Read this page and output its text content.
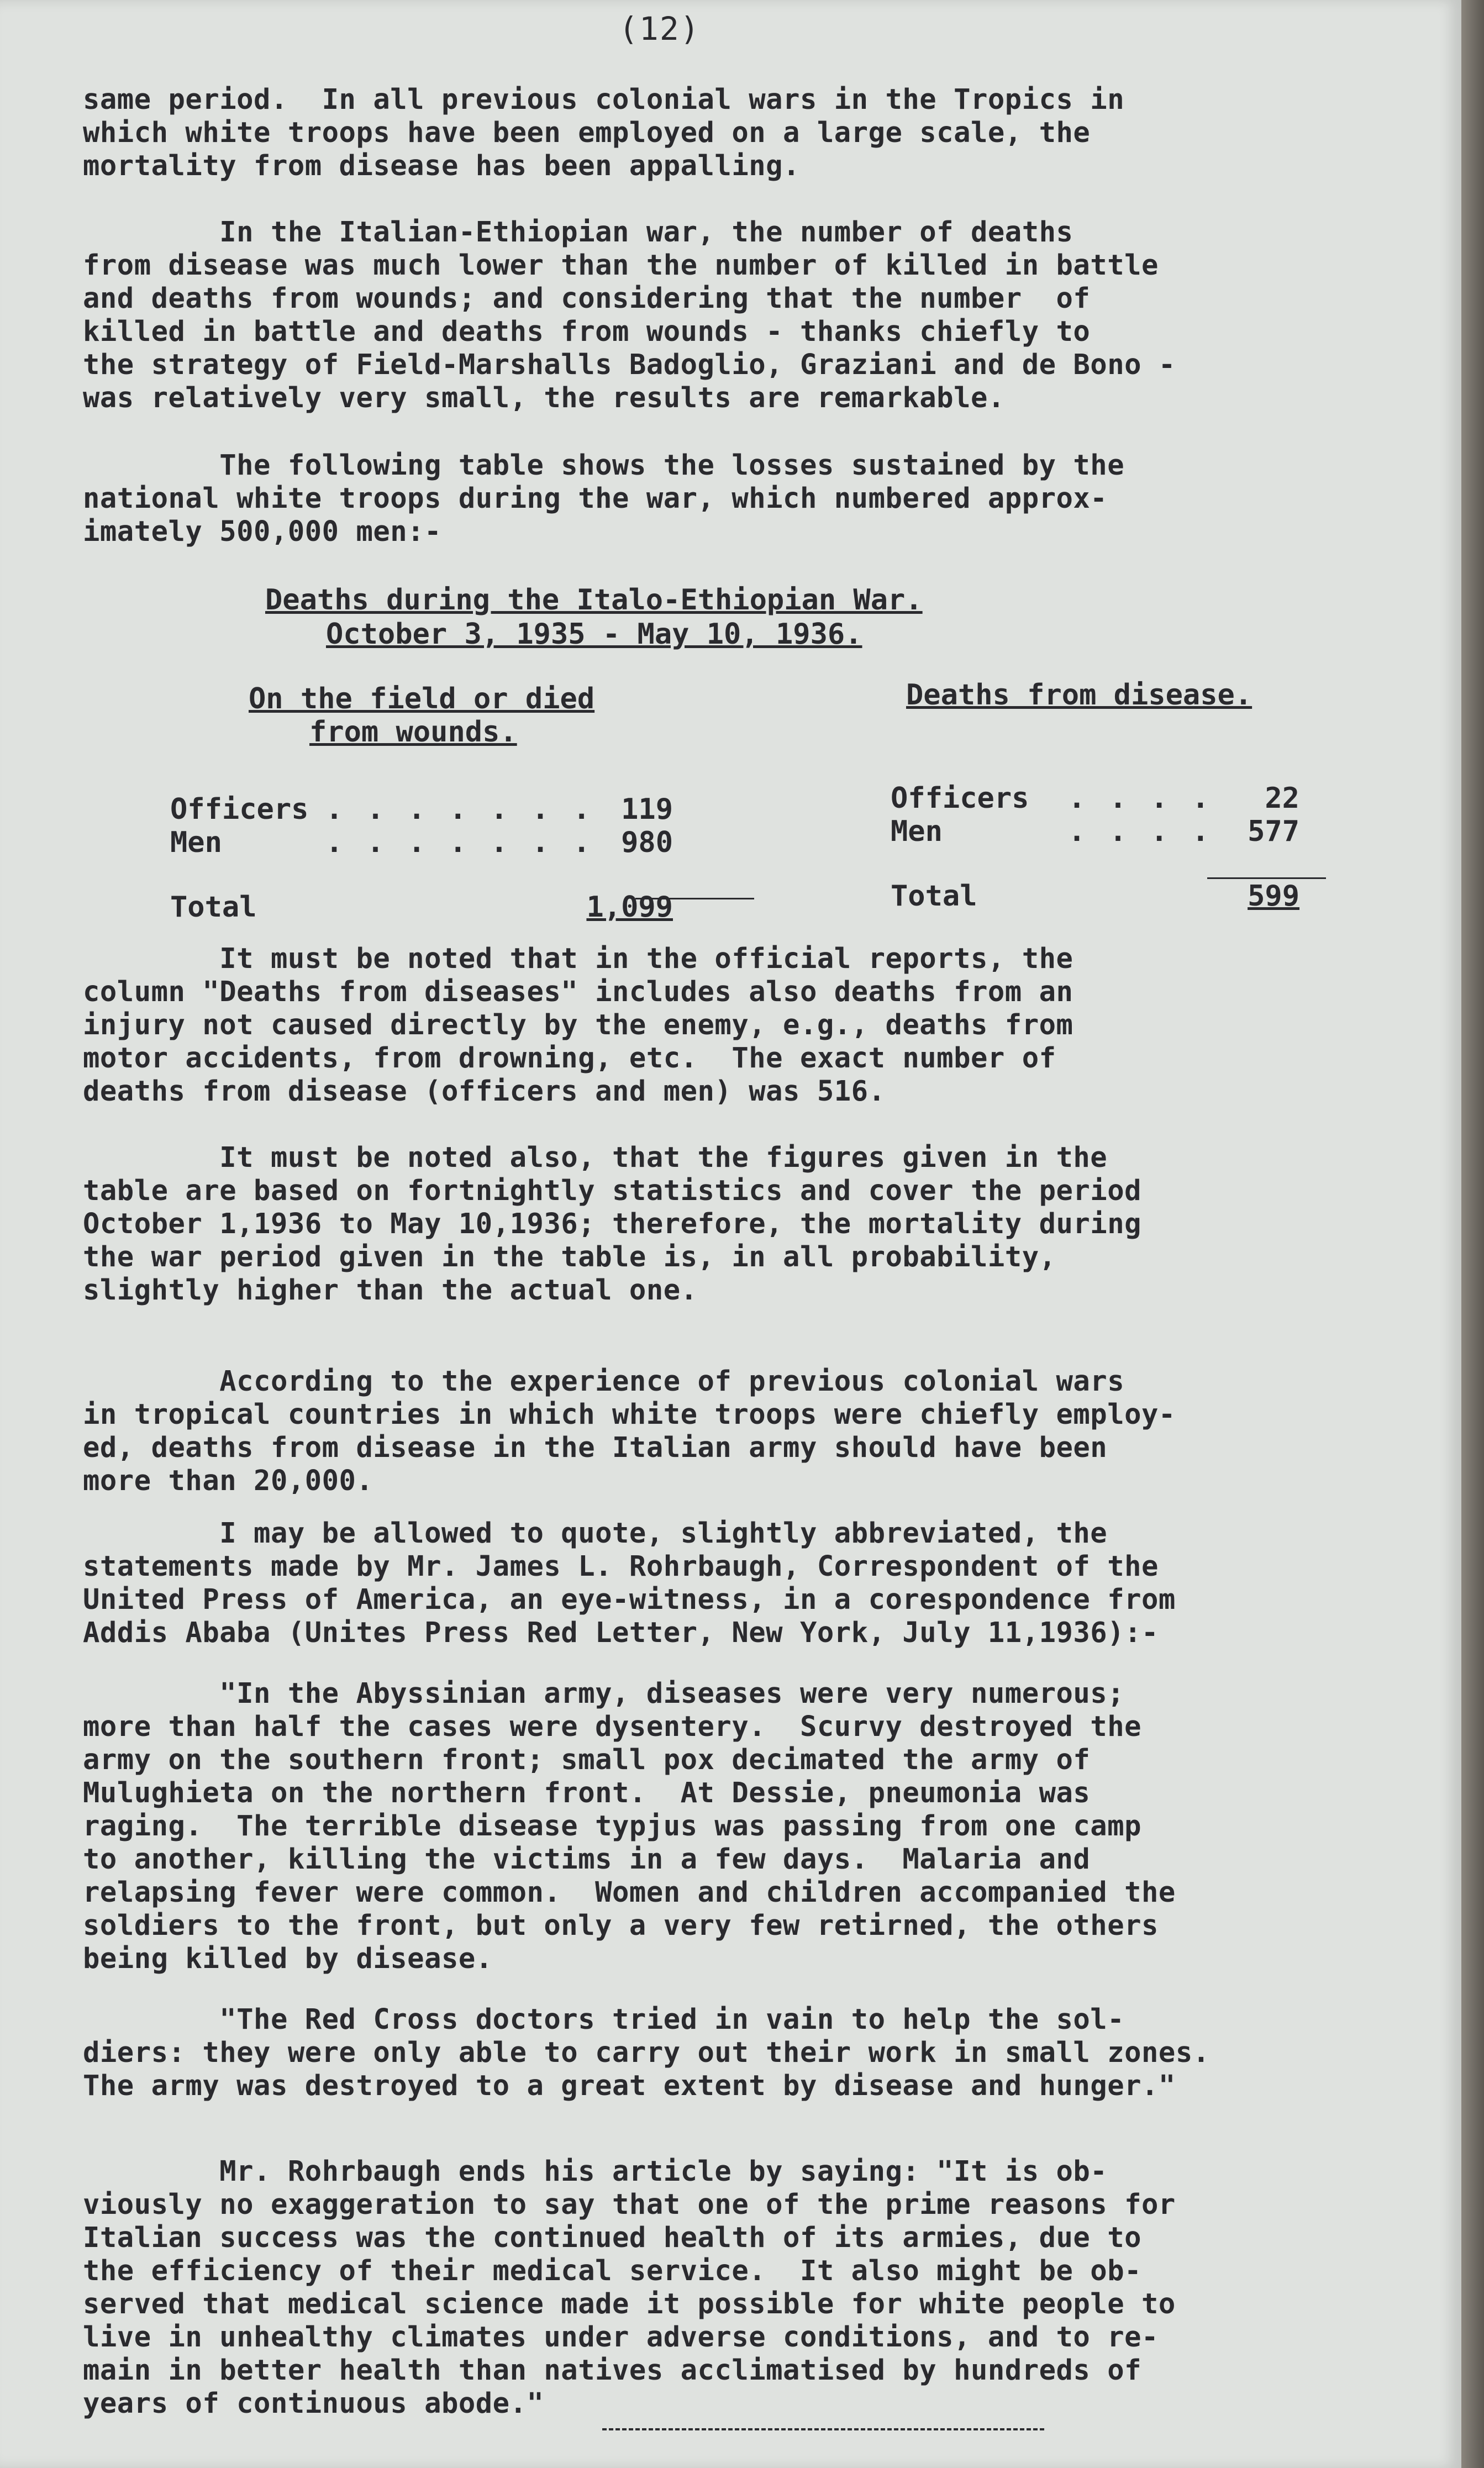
(12)
same period.  In all previous colonial wars in the Tropics in
which white troops have been employed on a large scale, the
mortality from disease has been appalling.
In the Italian-Ethiopian war, the number of deaths
from disease was much lower than the number of killed in battle
and deaths from wounds; and considering that the number  of
killed in battle and deaths from wounds - thanks chiefly to
the strategy of Field-Marshalls Badoglio, Graziani and de Bono -
was relatively very small, the results are remarkable.
The following table shows the losses sustained by the
national white troops during the war, which numbered approx-
imately 500,000 men:-
Deaths during the Italo-Ethiopian War.
October 3, 1935 - May 10, 1936.
On the field or died
from wounds.
Deaths from disease.
Officers . . . . . . . 119
Men	. . . . . . . 980
Total	1,099
Officers . . . .	22
Men	. . . .	577
Total	599
It must be noted that in the official reports, the
column "Deaths from diseases" includes also deaths from an
injury not caused directly by the enemy, e.g., deaths from
motor accidents, from drowning, etc.  The exact number of
deaths from disease (officers and men) was 516.
It must be noted also, that the figures given in the
table are based on fortnightly statistics and cover the period
October 1,1936 to May 10,1936; therefore, the mortality during
the war period given in the table is, in all probability,
slightly higher than the actual one.
According to the experience of previous colonial wars
in tropical countries in which white troops were chiefly employ-
ed, deaths from disease in the Italian army should have been
more than 20,000.
I may be allowed to quote, slightly abbreviated, the
statements made by Mr. James L. Rohrbaugh, Correspondent of the
United Press of America, an eye-witness, in a corespondence from
Addis Ababa (Unites Press Red Letter, New York, July 11,1936):-
"In the Abyssinian army, diseases were very numerous;
more than half the cases were dysentery.  Scurvy destroyed the
army on the southern front; small pox decimated the army of
Mulughieta on the northern front.  At Dessie, pneumonia was
raging.  The terrible disease typjus was passing from one camp
to another, killing the victims in a few days.  Malaria and
relapsing fever were common.  Women and children accompanied the
soldiers to the front, but only a very few retirned, the others
being killed by disease.
"The Red Cross doctors tried in vain to help the sol-
diers: they were only able to carry out their work in small zones.
The army was destroyed to a great extent by disease and hunger."
Mr. Rohrbaugh ends his article by saying: "It is ob-
viously no exaggeration to say that one of the prime reasons for
Italian success was the continued health of its armies, due to
the efficiency of their medical service.  It also might be ob-
served that medical science made it possible for white people to
live in unhealthy climates under adverse conditions, and to re-
main in better health than natives acclimatised by hundreds of
years of continuous abode."
